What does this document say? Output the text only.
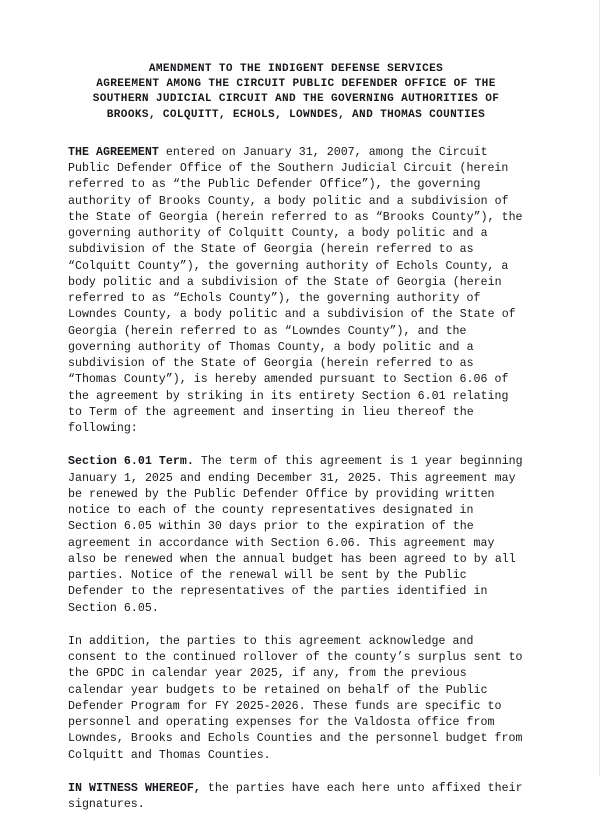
AMENDMENT TO THE INDIGENT DEFENSE SERVICES
AGREEMENT AMONG THE CIRCUIT PUBLIC DEFENDER OFFICE OF THE
SOUTHERN JUDICIAL CIRCUIT AND THE GOVERNING AUTHORITIES OF
BROOKS, COLQUITT, ECHOLS, LOWNDES, AND THOMAS COUNTIES

THE AGREEMENT entered on January 31, 2007, among the Circuit Public Defender Office of the Southern Judicial Circuit (herein referred to as “the Public Defender Office”), the governing authority of Brooks County, a body politic and a subdivision of the State of Georgia (herein referred to as “Brooks County”), the governing authority of Colquitt County, a body politic and a subdivision of the State of Georgia (herein referred to as “Colquitt County”), the governing authority of Echols County, a body politic and a subdivision of the State of Georgia (herein referred to as “Echols County”), the governing authority of Lowndes County, a body politic and a subdivision of the State of Georgia (herein referred to as “Lowndes County”), and the governing authority of Thomas County, a body politic and a subdivision of the State of Georgia (herein referred to as “Thomas County”), is hereby amended pursuant to Section 6.06 of the agreement by striking in its entirety Section 6.01 relating to Term of the agreement and inserting in lieu thereof the following:

Section 6.01 Term. The term of this agreement is 1 year beginning January 1, 2025 and ending December 31, 2025. This agreement may be renewed by the Public Defender Office by providing written notice to each of the county representatives designated in Section 6.05 within 30 days prior to the expiration of the agreement in accordance with Section 6.06. This agreement may also be renewed when the annual budget has been agreed to by all parties. Notice of the renewal will be sent by the Public Defender to the representatives of the parties identified in Section 6.05.

In addition, the parties to this agreement acknowledge and consent to the continued rollover of the county’s surplus sent to the GPDC in calendar year 2025, if any, from the previous calendar year budgets to be retained on behalf of the Public Defender Program for FY 2025-2026. These funds are specific to personnel and operating expenses for the Valdosta office from Lowndes, Brooks and Echols Counties and the personnel budget from Colquitt and Thomas Counties.

IN WITNESS WHEREOF, the parties have each here unto affixed their signatures.
